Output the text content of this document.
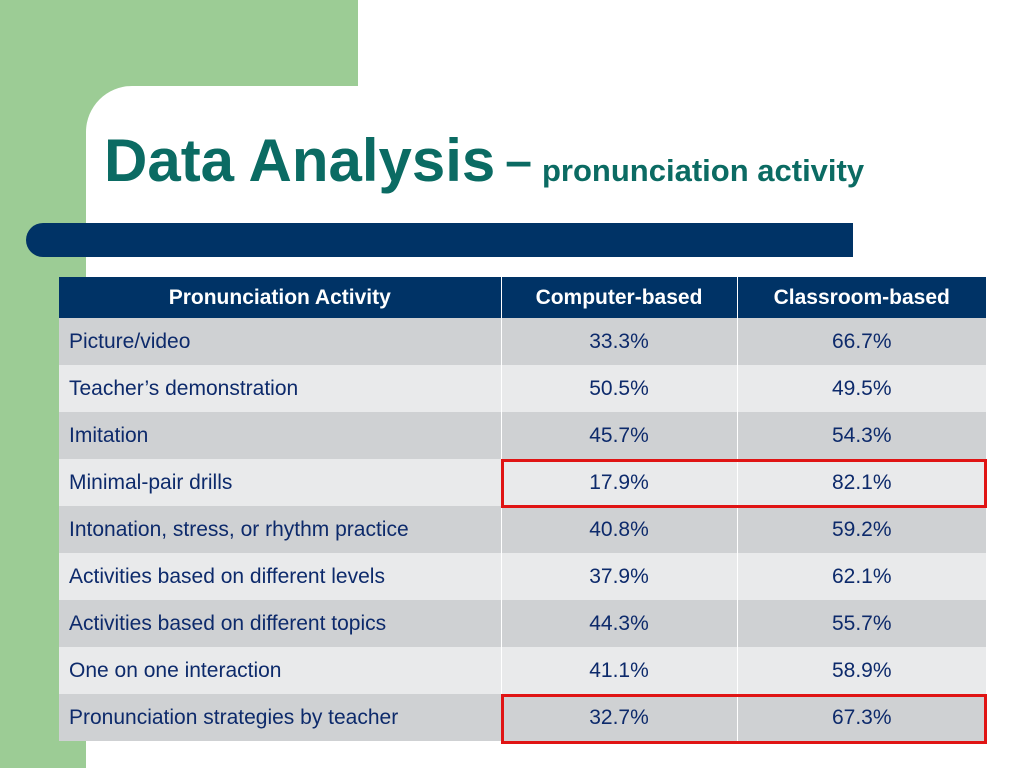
Data Analysis – pronunciation activity
Pronunciation Activity	Computer-based	Classroom-based
Picture/video	33.3%	66.7%
Teacher’s demonstration	50.5%	49.5%
Imitation	45.7%	54.3%
Minimal-pair drills	17.9%	82.1%
Intonation, stress, or rhythm practice	40.8%	59.2%
Activities based on different levels	37.9%	62.1%
Activities based on different topics	44.3%	55.7%
One on one interaction	41.1%	58.9%
Pronunciation strategies by teacher	32.7%	67.3%
